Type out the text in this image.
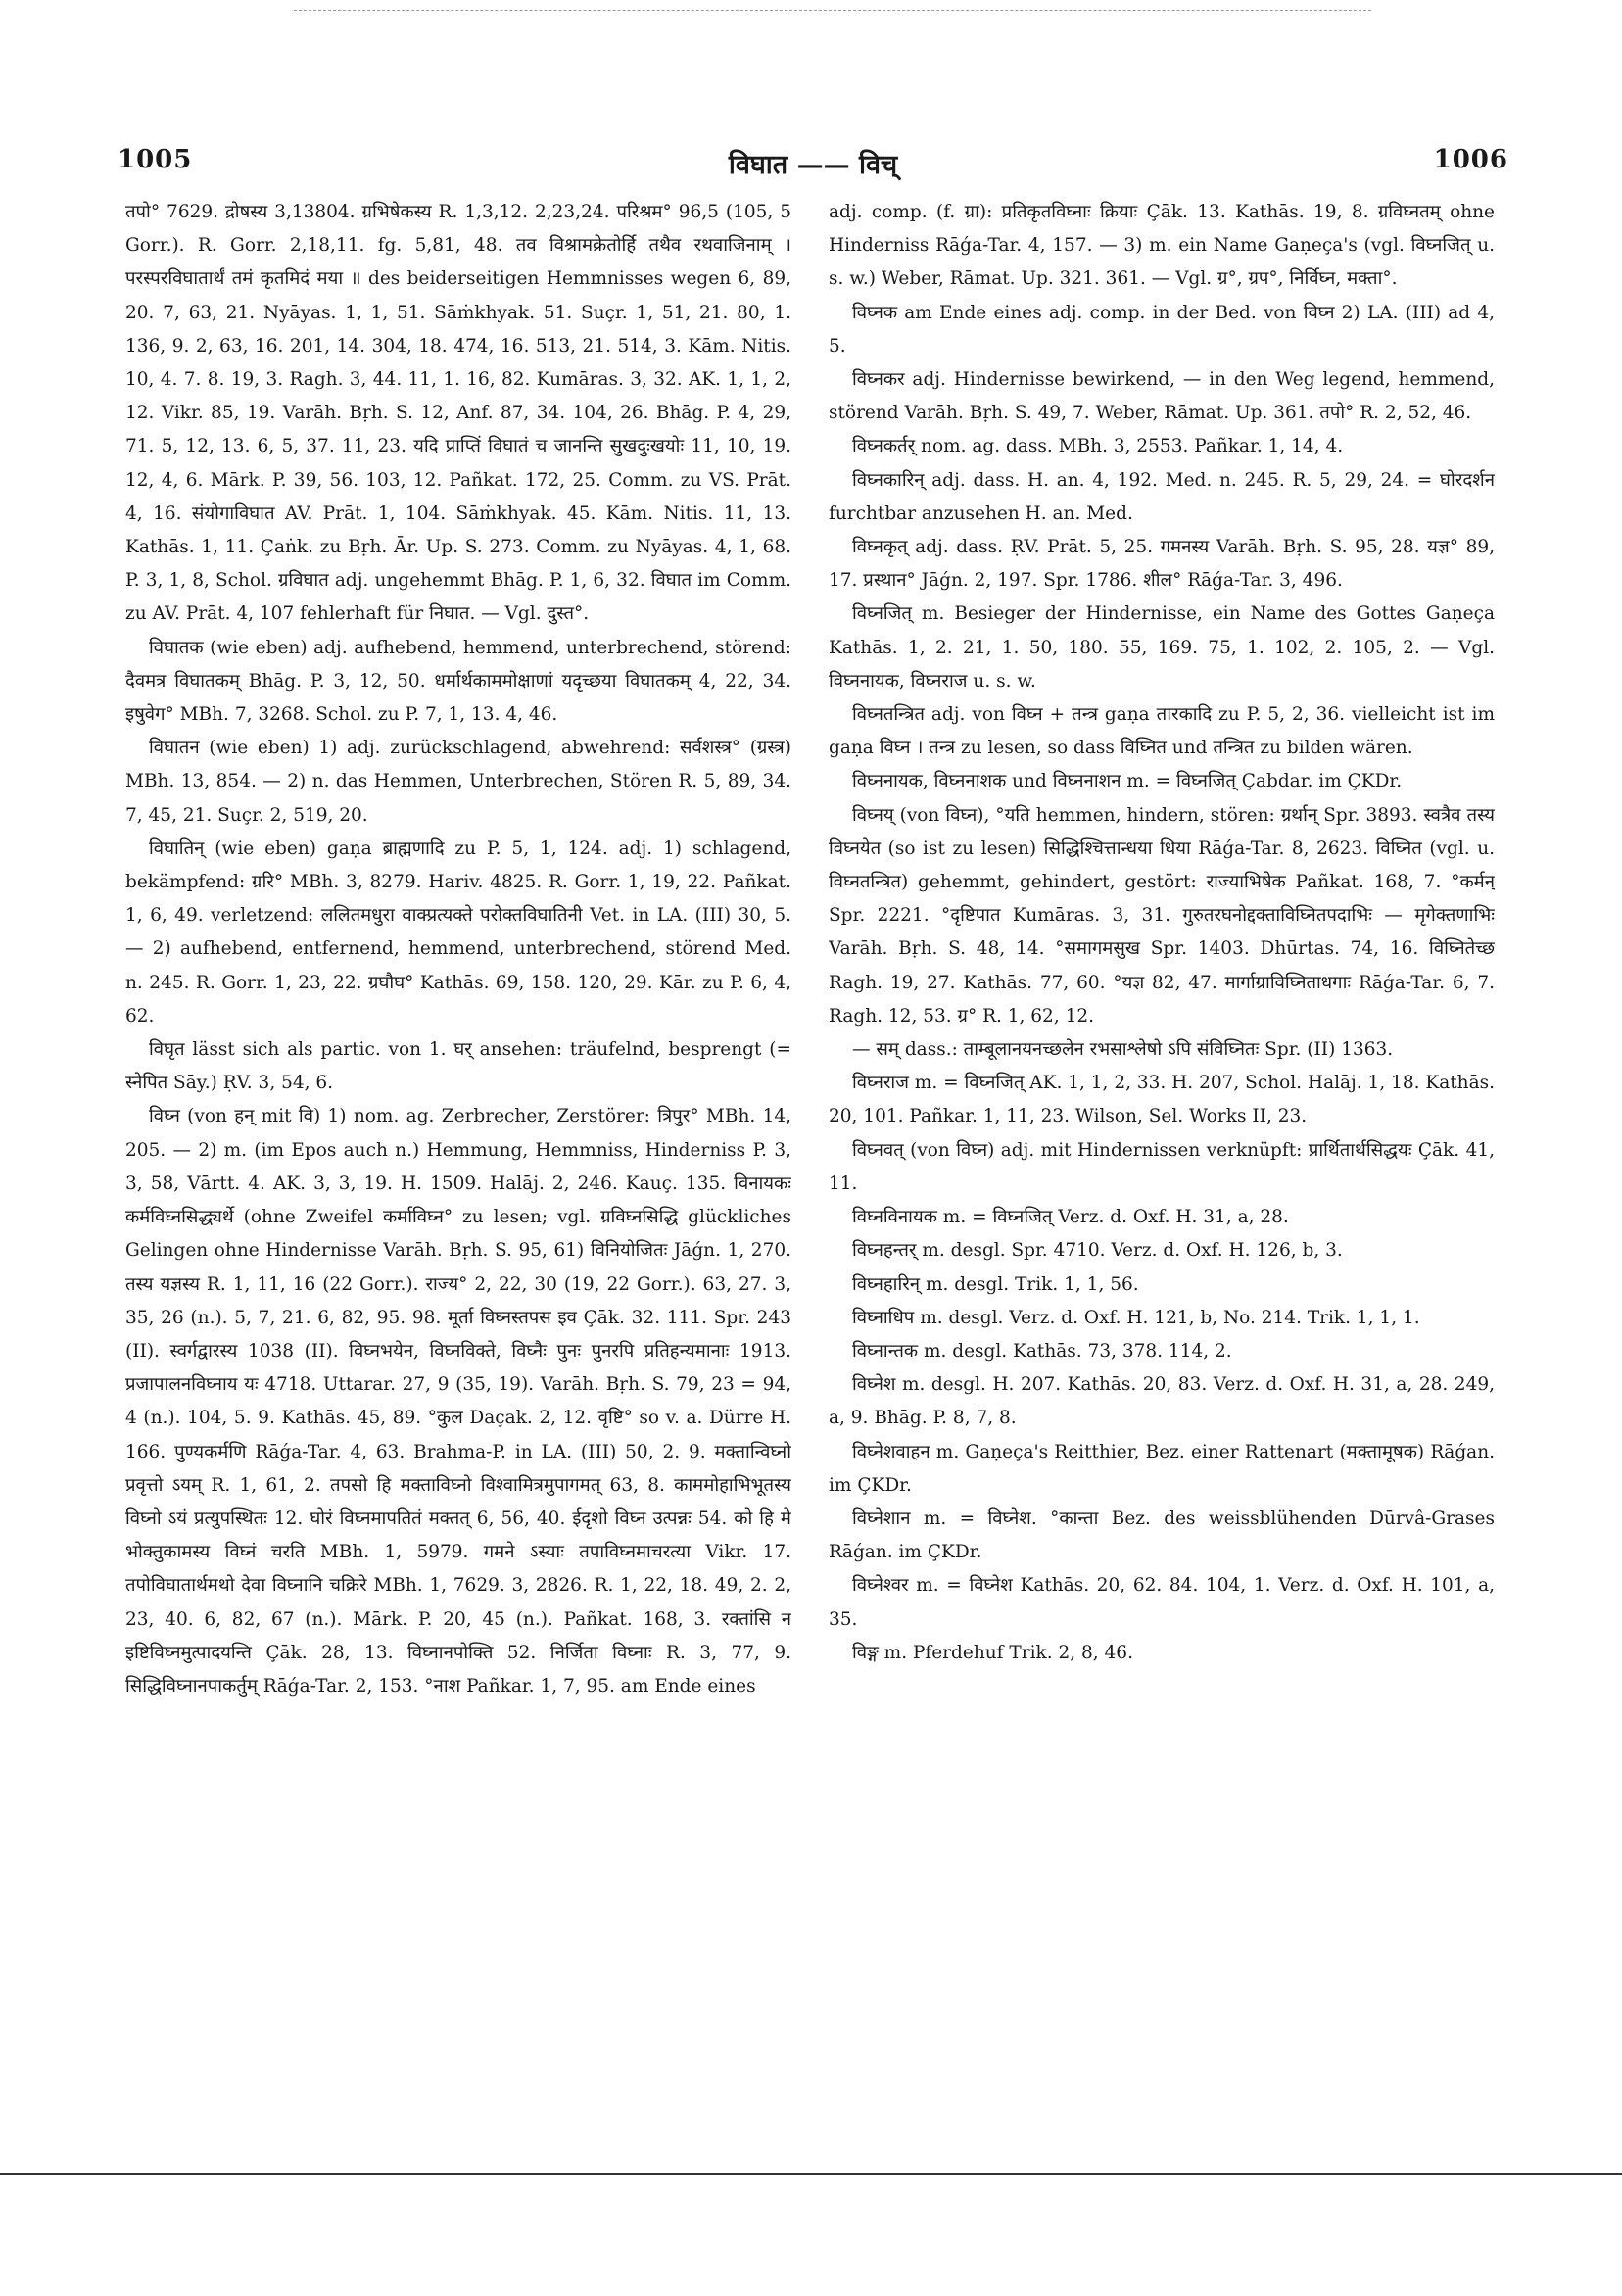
1005	विघात —— विच्	1006

तपो° 7629. द्रोषस्य 3,13804. ग्रभिषेकस्य R. 1,3,12. 2,23,24. परिश्रम° 96,5 (105, 5 Gorr.). R. Gorr. 2,18,11. fg. 5,81, 48. तव विश्रामक्रेतोर्हि तथैव रथवाजिनाम् । परस्परविघातार्थं तमं कृतमिदं मया ॥ des beiderseitigen Hemmnisses wegen 6, 89, 20. 7, 63, 21. Nyāyas. 1, 1, 51. Sāṁkhyak. 51. Suçr. 1, 51, 21. 80, 1. 136, 9. 2, 63, 16. 201, 14. 304, 18. 474, 16. 513, 21. 514, 3. Kām. Nitis. 10, 4. 7. 8. 19, 3. Ragh. 3, 44. 11, 1. 16, 82. Kumāras. 3, 32. AK. 1, 1, 2, 12. Vikr. 85, 19. Varāh. Bṛh. S. 12, Anf. 87, 34. 104, 26. Bhāg. P. 4, 29, 71. 5, 12, 13. 6, 5, 37. 11, 23. यदि प्राप्तिं विघातं च जानन्ति सुखदुःखयोः 11, 10, 19. 12, 4, 6. Mārk. P. 39, 56. 103, 12. Pañkat. 172, 25. Comm. zu VS. Prāt. 4, 16. संयोगाविघात AV. Prāt. 1, 104. Sāṁkhyak. 45. Kām. Nitis. 11, 13. Kathās. 1, 11. Çaṅk. zu Bṛh. Ār. Up. S. 273. Comm. zu Nyāyas. 4, 1, 68. P. 3, 1, 8, Schol. ग्रविघात adj. ungehemmt Bhāg. P. 1, 6, 32. विघात im Comm. zu AV. Prāt. 4, 107 fehlerhaft für निघात. — Vgl. दुस्त°.

विघातक (wie eben) adj. aufhebend, hemmend, unterbrechend, störend: दैवमत्र विघातकम् Bhāg. P. 3, 12, 50. धर्मार्थकाममोक्षाणां यदृच्छया विघातकम् 4, 22, 34. इषुवेग° MBh. 7, 3268. Schol. zu P. 7, 1, 13. 4, 46.

विघातन (wie eben) 1) adj. zurückschlagend, abwehrend: सर्वशस्त्र° (ग्रस्त्र) MBh. 13, 854. — 2) n. das Hemmen, Unterbrechen, Stören R. 5, 89, 34. 7, 45, 21. Suçr. 2, 519, 20.

विघातिन् (wie eben) gaṇa ब्राह्मणादि zu P. 5, 1, 124. adj. 1) schlagend, bekämpfend: ग्ररि° MBh. 3, 8279. Hariv. 4825. R. Gorr. 1, 19, 22. Pañkat. 1, 6, 49. verletzend: ललितमधुरा वाक्प्रत्यक्ते परोक्तविघातिनी Vet. in LA. (III) 30, 5. — 2) aufhebend, entfernend, hemmend, unterbrechend, störend Med. n. 245. R. Gorr. 1, 23, 22. ग्रघौघ° Kathās. 69, 158. 120, 29. Kār. zu P. 6, 4, 62.

विघृत lässt sich als partic. von 1. घर् ansehen: träufelnd, besprengt (= स्नेपित Sāy.) ṚV. 3, 54, 6.

विघ्न (von हन् mit वि) 1) nom. ag. Zerbrecher, Zerstörer: त्रिपुर° MBh. 14, 205. — 2) m. (im Epos auch n.) Hemmung, Hemmniss, Hinderniss P. 3, 3, 58, Vārtt. 4. AK. 3, 3, 19. H. 1509. Halāj. 2, 246. Kauç. 135. विनायकः कर्मविघ्नसिद्ध्यर्थे (ohne Zweifel कर्माविघ्न° zu lesen; vgl. ग्रविघ्नसिद्धि glückliches Gelingen ohne Hindernisse Varāh. Bṛh. S. 95, 61) विनियोजितः Jāǵn. 1, 270. तस्य यज्ञस्य R. 1, 11, 16 (22 Gorr.). राज्य° 2, 22, 30 (19, 22 Gorr.). 63, 27. 3, 35, 26 (n.). 5, 7, 21. 6, 82, 95. 98. मूर्ता विघ्नस्तपस इव Çāk. 32. 111. Spr. 243 (II). स्वर्गद्वारस्य 1038 (II). विघ्नभयेन, विघ्नविक्ते, विघ्नैः पुनः पुनरपि प्रतिहन्यमानाः 1913. प्रजापालनविघ्नाय यः 4718. Uttarar. 27, 9 (35, 19). Varāh. Bṛh. S. 79, 23 = 94, 4 (n.). 104, 5. 9. Kathās. 45, 89. °कुल Daçak. 2, 12. वृष्टि° so v. a. Dürre H. 166. पुण्यकर्मणि Rāǵa-Tar. 4, 63. Brahma-P. in LA. (III) 50, 2. 9. मक्तान्विघ्नो प्रवृत्तो ऽयम् R. 1, 61, 2. तपसो हि मक्ताविघ्नो विश्वामित्रमुपागमत् 63, 8. काममोहाभिभूतस्य विघ्नो ऽयं प्रत्युपस्थितः 12. घोरं विघ्नमापतितं मक्तत् 6, 56, 40. ईदृशो विघ्न उत्पन्नः 54. को हि मे भोक्तुकामस्य विघ्नं चरति MBh. 1, 5979. गमने ऽस्याः तपाविघ्नमाचरत्या Vikr. 17. तपोविघातार्थमथो देवा विघ्नानि चक्रिरे MBh. 1, 7629. 3, 2826. R. 1, 22, 18. 49, 2. 2, 23, 40. 6, 82, 67 (n.). Mārk. P. 20, 45 (n.). Pañkat. 168, 3. रक्तांसि न इष्टिविघ्नमुत्पादयन्ति Çāk. 28, 13. विघ्नानपोक्ति 52. निर्जिता विघ्नाः R. 3, 77, 9. सिद्धिविघ्नानपाकर्तुम् Rāǵa-Tar. 2, 153. °नाश Pañkar. 1, 7, 95. am Ende eines

adj. comp. (f. ग्रा): प्रतिकृतविघ्नाः क्रियाः Çāk. 13. Kathās. 19, 8. ग्रविघ्नतम् ohne Hinderniss Rāǵa-Tar. 4, 157. — 3) m. ein Name Gaṇeça's (vgl. विघ्नजित् u. s. w.) Weber, Rāmat. Up. 321. 361. — Vgl. ग्र°, ग्रप°, निर्विघ्न, मक्ता°.

विघ्नक am Ende eines adj. comp. in der Bed. von विघ्न 2) LA. (III) ad 4, 5.

विघ्नकर adj. Hindernisse bewirkend, — in den Weg legend, hemmend, störend Varāh. Bṛh. S. 49, 7. Weber, Rāmat. Up. 361. तपो° R. 2, 52, 46.

विघ्नकर्तर् nom. ag. dass. MBh. 3, 2553. Pañkar. 1, 14, 4.

विघ्नकारिन् adj. dass. H. an. 4, 192. Med. n. 245. R. 5, 29, 24. = घोरदर्शन furchtbar anzusehen H. an. Med.

विघ्नकृत् adj. dass. ṚV. Prāt. 5, 25. गमनस्य Varāh. Bṛh. S. 95, 28. यज्ञ° 89, 17. प्रस्थान° Jāǵn. 2, 197. Spr. 1786. शील° Rāǵa-Tar. 3, 496.

विघ्नजित् m. Besieger der Hindernisse, ein Name des Gottes Gaṇeça Kathās. 1, 2. 21, 1. 50, 180. 55, 169. 75, 1. 102, 2. 105, 2. — Vgl. विघ्ननायक, विघ्नराज u. s. w.

विघ्नतन्त्रित adj. von विघ्न + तन्त्र gaṇa तारकादि zu P. 5, 2, 36. vielleicht ist im gaṇa विघ्न । तन्त्र zu lesen, so dass विघ्नित und तन्त्रित zu bilden wären.

विघ्ननायक, विघ्ननाशक und विघ्ननाशन m. = विघ्नजित् Çabdar. im ÇKDr.

विघ्नय् (von विघ्न), °यति hemmen, hindern, stören: ग्रर्थान् Spr. 3893. स्वत्रैव तस्य विघ्नयेत (so ist zu lesen) सिद्धिश्चित्तान्धया धिया Rāǵa-Tar. 8, 2623. विघ्नित (vgl. u. विघ्नतन्त्रित) gehemmt, gehindert, gestört: राज्याभिषेक Pañkat. 168, 7. °कर्मन् Spr. 2221. °दृष्टिपात Kumāras. 3, 31. गुरुतरघनोद्दक्ताविघ्नितपदाभिः — मृगेक्तणाभिः Varāh. Bṛh. S. 48, 14. °समागमसुख Spr. 1403. Dhūrtas. 74, 16. विघ्नितेच्छ Ragh. 19, 27. Kathās. 77, 60. °यज्ञ 82, 47. मार्गाग्राविघ्निताधगाः Rāǵa-Tar. 6, 7. Ragh. 12, 53. ग्र° R. 1, 62, 12.

— सम् dass.: ताम्बूलानयनच्छलेन रभसाश्लेषो ऽपि संविघ्नितः Spr. (II) 1363.

विघ्नराज m. = विघ्नजित् AK. 1, 1, 2, 33. H. 207, Schol. Halāj. 1, 18. Kathās. 20, 101. Pañkar. 1, 11, 23. Wilson, Sel. Works II, 23.

विघ्नवत् (von विघ्न) adj. mit Hindernissen verknüpft: प्रार्थितार्थसिद्धयः Çāk. 41, 11.

विघ्नविनायक m. = विघ्नजित् Verz. d. Oxf. H. 31, a, 28.

विघ्नहन्तर् m. desgl. Spr. 4710. Verz. d. Oxf. H. 126, b, 3.

विघ्नहारिन् m. desgl. Trik. 1, 1, 56.

विघ्नाधिप m. desgl. Verz. d. Oxf. H. 121, b, No. 214. Trik. 1, 1, 1.

विघ्नान्तक m. desgl. Kathās. 73, 378. 114, 2.

विघ्नेश m. desgl. H. 207. Kathās. 20, 83. Verz. d. Oxf. H. 31, a, 28. 249, a, 9. Bhāg. P. 8, 7, 8.

विघ्नेशवाहन m. Gaṇeça's Reitthier, Bez. einer Rattenart (मक्तामूषक) Rāǵan. im ÇKDr.

विघ्नेशान m. = विघ्नेश. °कान्ता Bez. des weissblühenden Dūrvâ-Grases Rāǵan. im ÇKDr.

विघ्नेश्वर m. = विघ्नेश Kathās. 20, 62. 84. 104, 1. Verz. d. Oxf. H. 101, a, 35.

विङ्ग m. Pferdehuf Trik. 2, 8, 46.
